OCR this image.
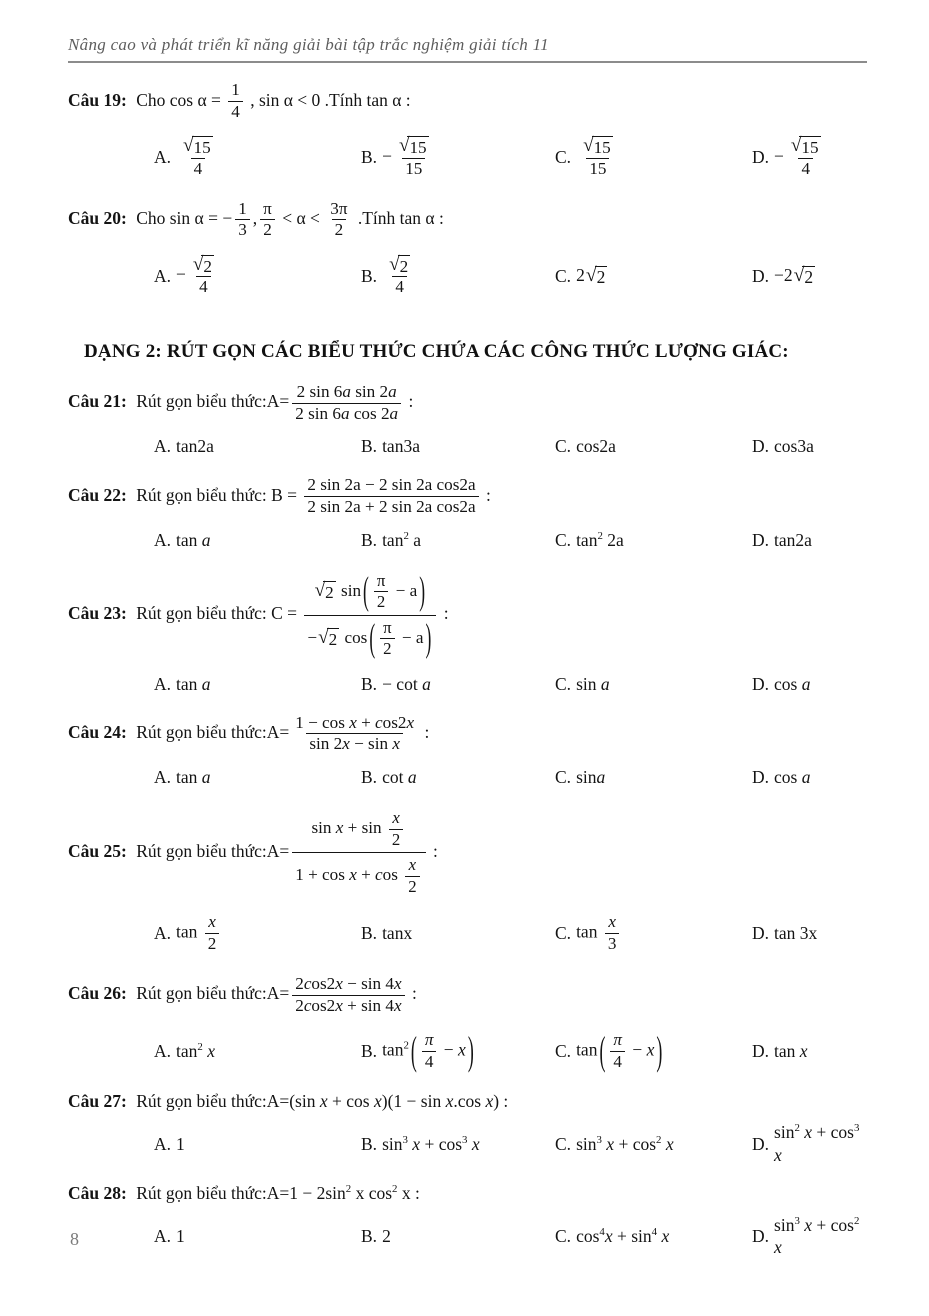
Nâng cao và phát triển kĩ năng giải bài tập trắc nghiệm giải tích 11
Câu 19: Cho $\cos \alpha = \frac{1}{4}$ , sin α < 0 .Tính tan α :
A. $\frac{√ 15}{4}$	B. − $\frac{√ 15}{15}$	C. $\frac{√ 15}{15}$	D. − $\frac{√ 15}{4}$
Câu 20: Cho sin α = − $\frac{1}{3}$ , $\frac{\pi}{2} < \alpha < \frac{3\pi}{2}$ .Tính tan α :
A. − $\frac{√ 2}{4}$	B. $\frac{√ 2}{4}$	C. 2 √ 2	D. −2 √ 2
DẠNG 2: RÚT GỌN CÁC BIỂU THỨC CHỨA CÁC CÔNG THỨC LƯỢNG GIÁC:
Câu 21: Rút gọn biểu thức:A= $\frac{\text{2 sin 6a sin 2a}}{\text{2 sin 6a cos 2a}}$ :
A. tan2a	B. tan3a	C. cos2a	D. cos3a
Câu 22: Rút gọn biểu thức: $B = \frac{\text{2 sin 2a − 2 sin 2a cos2a}}{\text{2 sin 2a + 2 sin 2a cos2a}}$ :
A. tan a	B. $\tan^2 a$	C. $\tan^2 2a$	D. tan2a
Câu 23: Rút gọn biểu thức: $C = \frac{√ 2 \sin ( \frac{\pi}{2} - a )}{- √ 2 \cos ( \frac{\pi}{2} - a )}$ :
A. tan a	B. − cot a	C. sin a	D. cos a
Câu 24: Rút gọn biểu thức:A= $\frac{\text{1 − cos x + cos2x}}{\text{sin 2x − sin x}}$ :
A. tan a	B. cot a	C. sina	D. cos a
Câu 25: Rút gọn biểu thức:A= $\frac{\sin x + \sin \frac{x}{2}}{1 + \cos x + \cos \frac{x}{2}}$ :
A. $\tan \frac{x}{2}$	B. tanx	C. $\tan \frac{x}{3}$	D. tan 3x
Câu 26: Rút gọn biểu thức:A= $\frac{2\cos 2x - \sin 4x}{2\cos 2x + \sin 4x}$ :
A. $\tan^2 x$	B. $\tan^2$ ( $\frac{\pi}{4} - x$ )	C. tan ( $\frac{\pi}{4} - x$ )	D. tan x
Câu 27: Rút gọn biểu thức:A=(sin x + cos x)(1 − sin x.cos x) :
A. 1	B. $\sin^3 x + \cos^3 x$	C. $\sin^3 x + \cos^2 x$	D.
$\sin^2 x + \cos^3 x$
Câu 28: Rút gọn biểu thức:A=1 − $2\sin^2$ x $\cos^2 x$ :
A. 1	B. 2	C. $\cos^4x + \sin^4 x$	D.
$\sin^3 x + \cos^2 x$
8
